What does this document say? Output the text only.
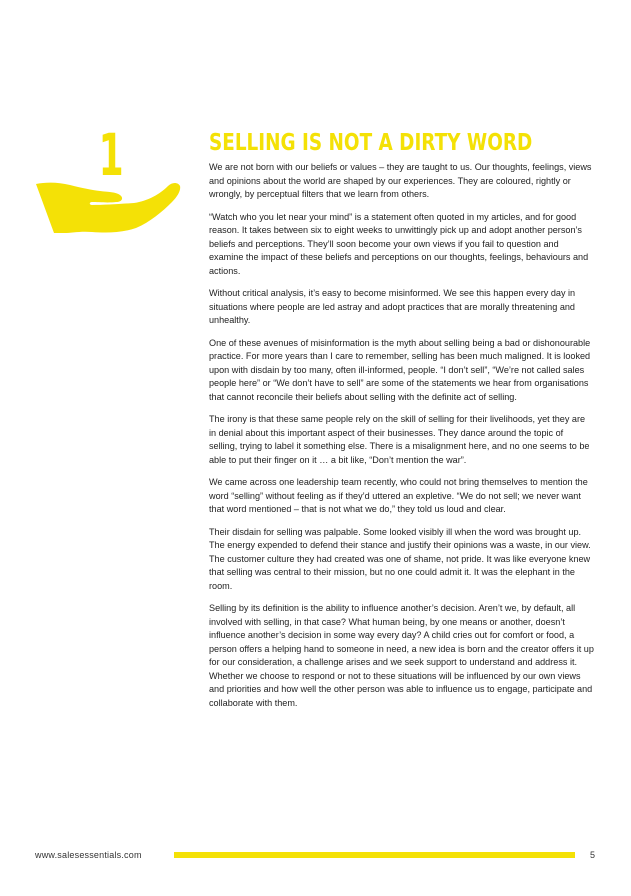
1	SELLING IS NOT A DIRTY WORD

We are not born with our beliefs or values – they are taught to us. Our thoughts, feelings, views and opinions about the world are shaped by our experiences. They are coloured, rightly or wrongly, by perceptual filters that we learn from others.

“Watch who you let near your mind” is a statement often quoted in my articles, and for good reason. It takes between six to eight weeks to unwittingly pick up and adopt another person’s beliefs and perceptions. They’ll soon become your own views if you fail to question and examine the impact of these beliefs and perceptions on our thoughts, feelings, behaviours and actions.

Without critical analysis, it’s easy to become misinformed. We see this happen every day in situations where people are led astray and adopt practices that are morally threatening and unhealthy.

One of these avenues of misinformation is the myth about selling being a bad or dishonourable practice. For more years than I care to remember, selling has been much maligned. It is looked upon with disdain by too many, often ill-informed, people. “I don’t sell”, “We’re not called sales people here” or “We don’t have to sell” are some of the statements we hear from organisations that cannot reconcile their beliefs about selling with the definite act of selling.

The irony is that these same people rely on the skill of selling for their livelihoods, yet they are in denial about this important aspect of their businesses. They dance around the topic of selling, trying to label it something else. There is a misalignment here, and no one seems to be able to put their finger on it … a bit like, “Don’t mention the war”.

We came across one leadership team recently, who could not bring themselves to mention the word “selling” without feeling as if they’d uttered an expletive. “We do not sell; we never want that word mentioned – that is not what we do,” they told us loud and clear.

Their disdain for selling was palpable. Some looked visibly ill when the word was brought up. The energy expended to defend their stance and justify their opinions was a waste, in our view. The customer culture they had created was one of shame, not pride. It was like everyone knew that selling was central to their mission, but no one could admit it. It was the elephant in the room.

Selling by its definition is the ability to influence another’s decision. Aren’t we, by default, all involved with selling, in that case? What human being, by one means or another, doesn’t influence another’s decision in some way every day? A child cries out for comfort or food, a person offers a helping hand to someone in need, a new idea is born and the creator offers it up for our consideration, a challenge arises and we seek support to understand and address it. Whether we choose to respond or not to these situations will be influenced by our own views and priorities and how well the other person was able to influence us to engage, participate and collaborate with them.

www.salesessentials.com	5
